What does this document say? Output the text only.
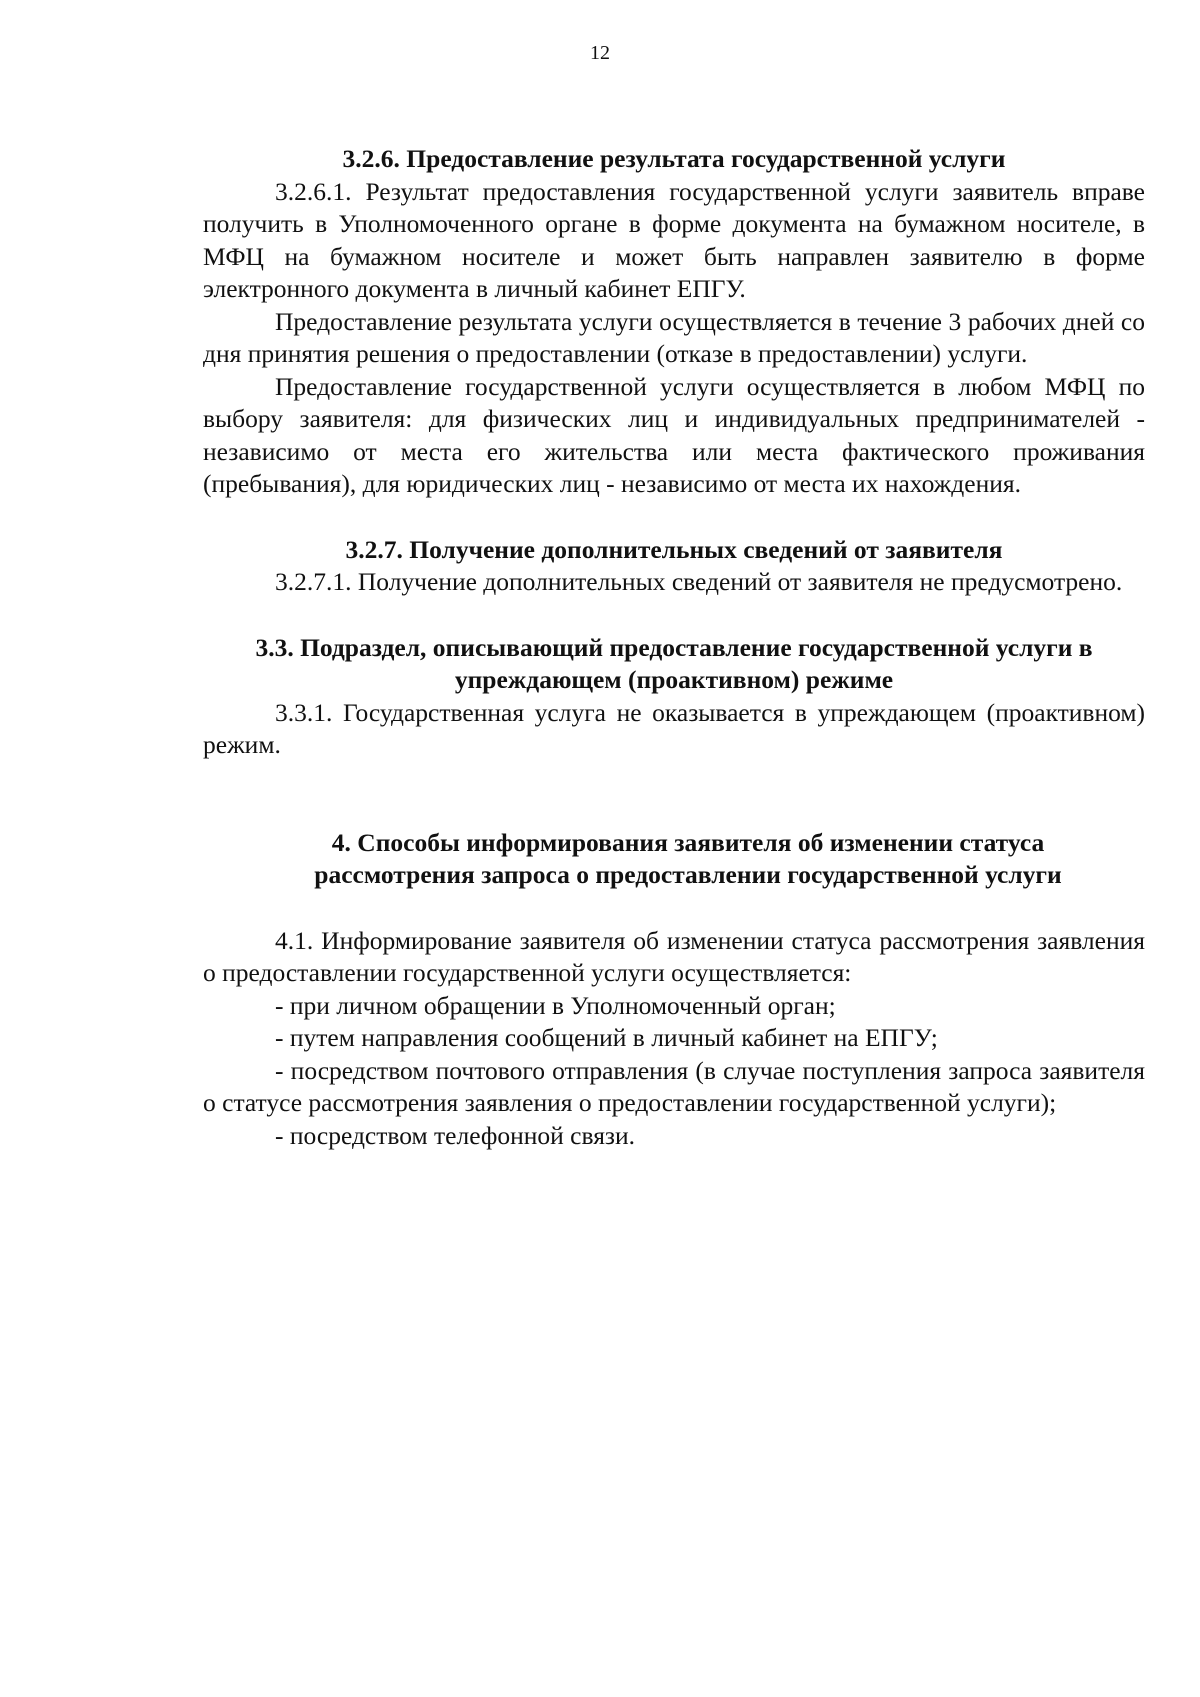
12

3.2.6. Предоставление результата государственной услуги

3.2.6.1. Результат предоставления государственной услуги заявитель вправе получить в Уполномоченного органе в форме документа на бумажном носителе, в МФЦ на бумажном носителе и может быть направлен заявителю в форме электронного документа в личный кабинет ЕПГУ.

Предоставление результата услуги осуществляется в течение 3 рабочих дней со дня принятия решения о предоставлении (отказе в предоставлении) услуги.

Предоставление государственной услуги осуществляется в любом МФЦ по выбору заявителя: для физических лиц и индивидуальных предпринимателей - независимо от места его жительства или места фактического проживания (пребывания), для юридических лиц - независимо от места их нахождения.

3.2.7. Получение дополнительных сведений от заявителя

3.2.7.1. Получение дополнительных сведений от заявителя не предусмотрено.

3.3. Подраздел, описывающий предоставление государственной услуги в

упреждающем (проактивном) режиме

3.3.1. Государственная услуга не оказывается в упреждающем (проактивном) режим.

4. Способы информирования заявителя об изменении статуса

рассмотрения запроса о предоставлении государственной услуги

4.1. Информирование заявителя об изменении статуса рассмотрения заявления о предоставлении государственной услуги осуществляется:

- при личном обращении в Уполномоченный орган;

- путем направления сообщений в личный кабинет на ЕПГУ;

- посредством почтового отправления (в случае поступления запроса заявителя о статусе рассмотрения заявления о предоставлении государственной услуги);

- посредством телефонной связи.
